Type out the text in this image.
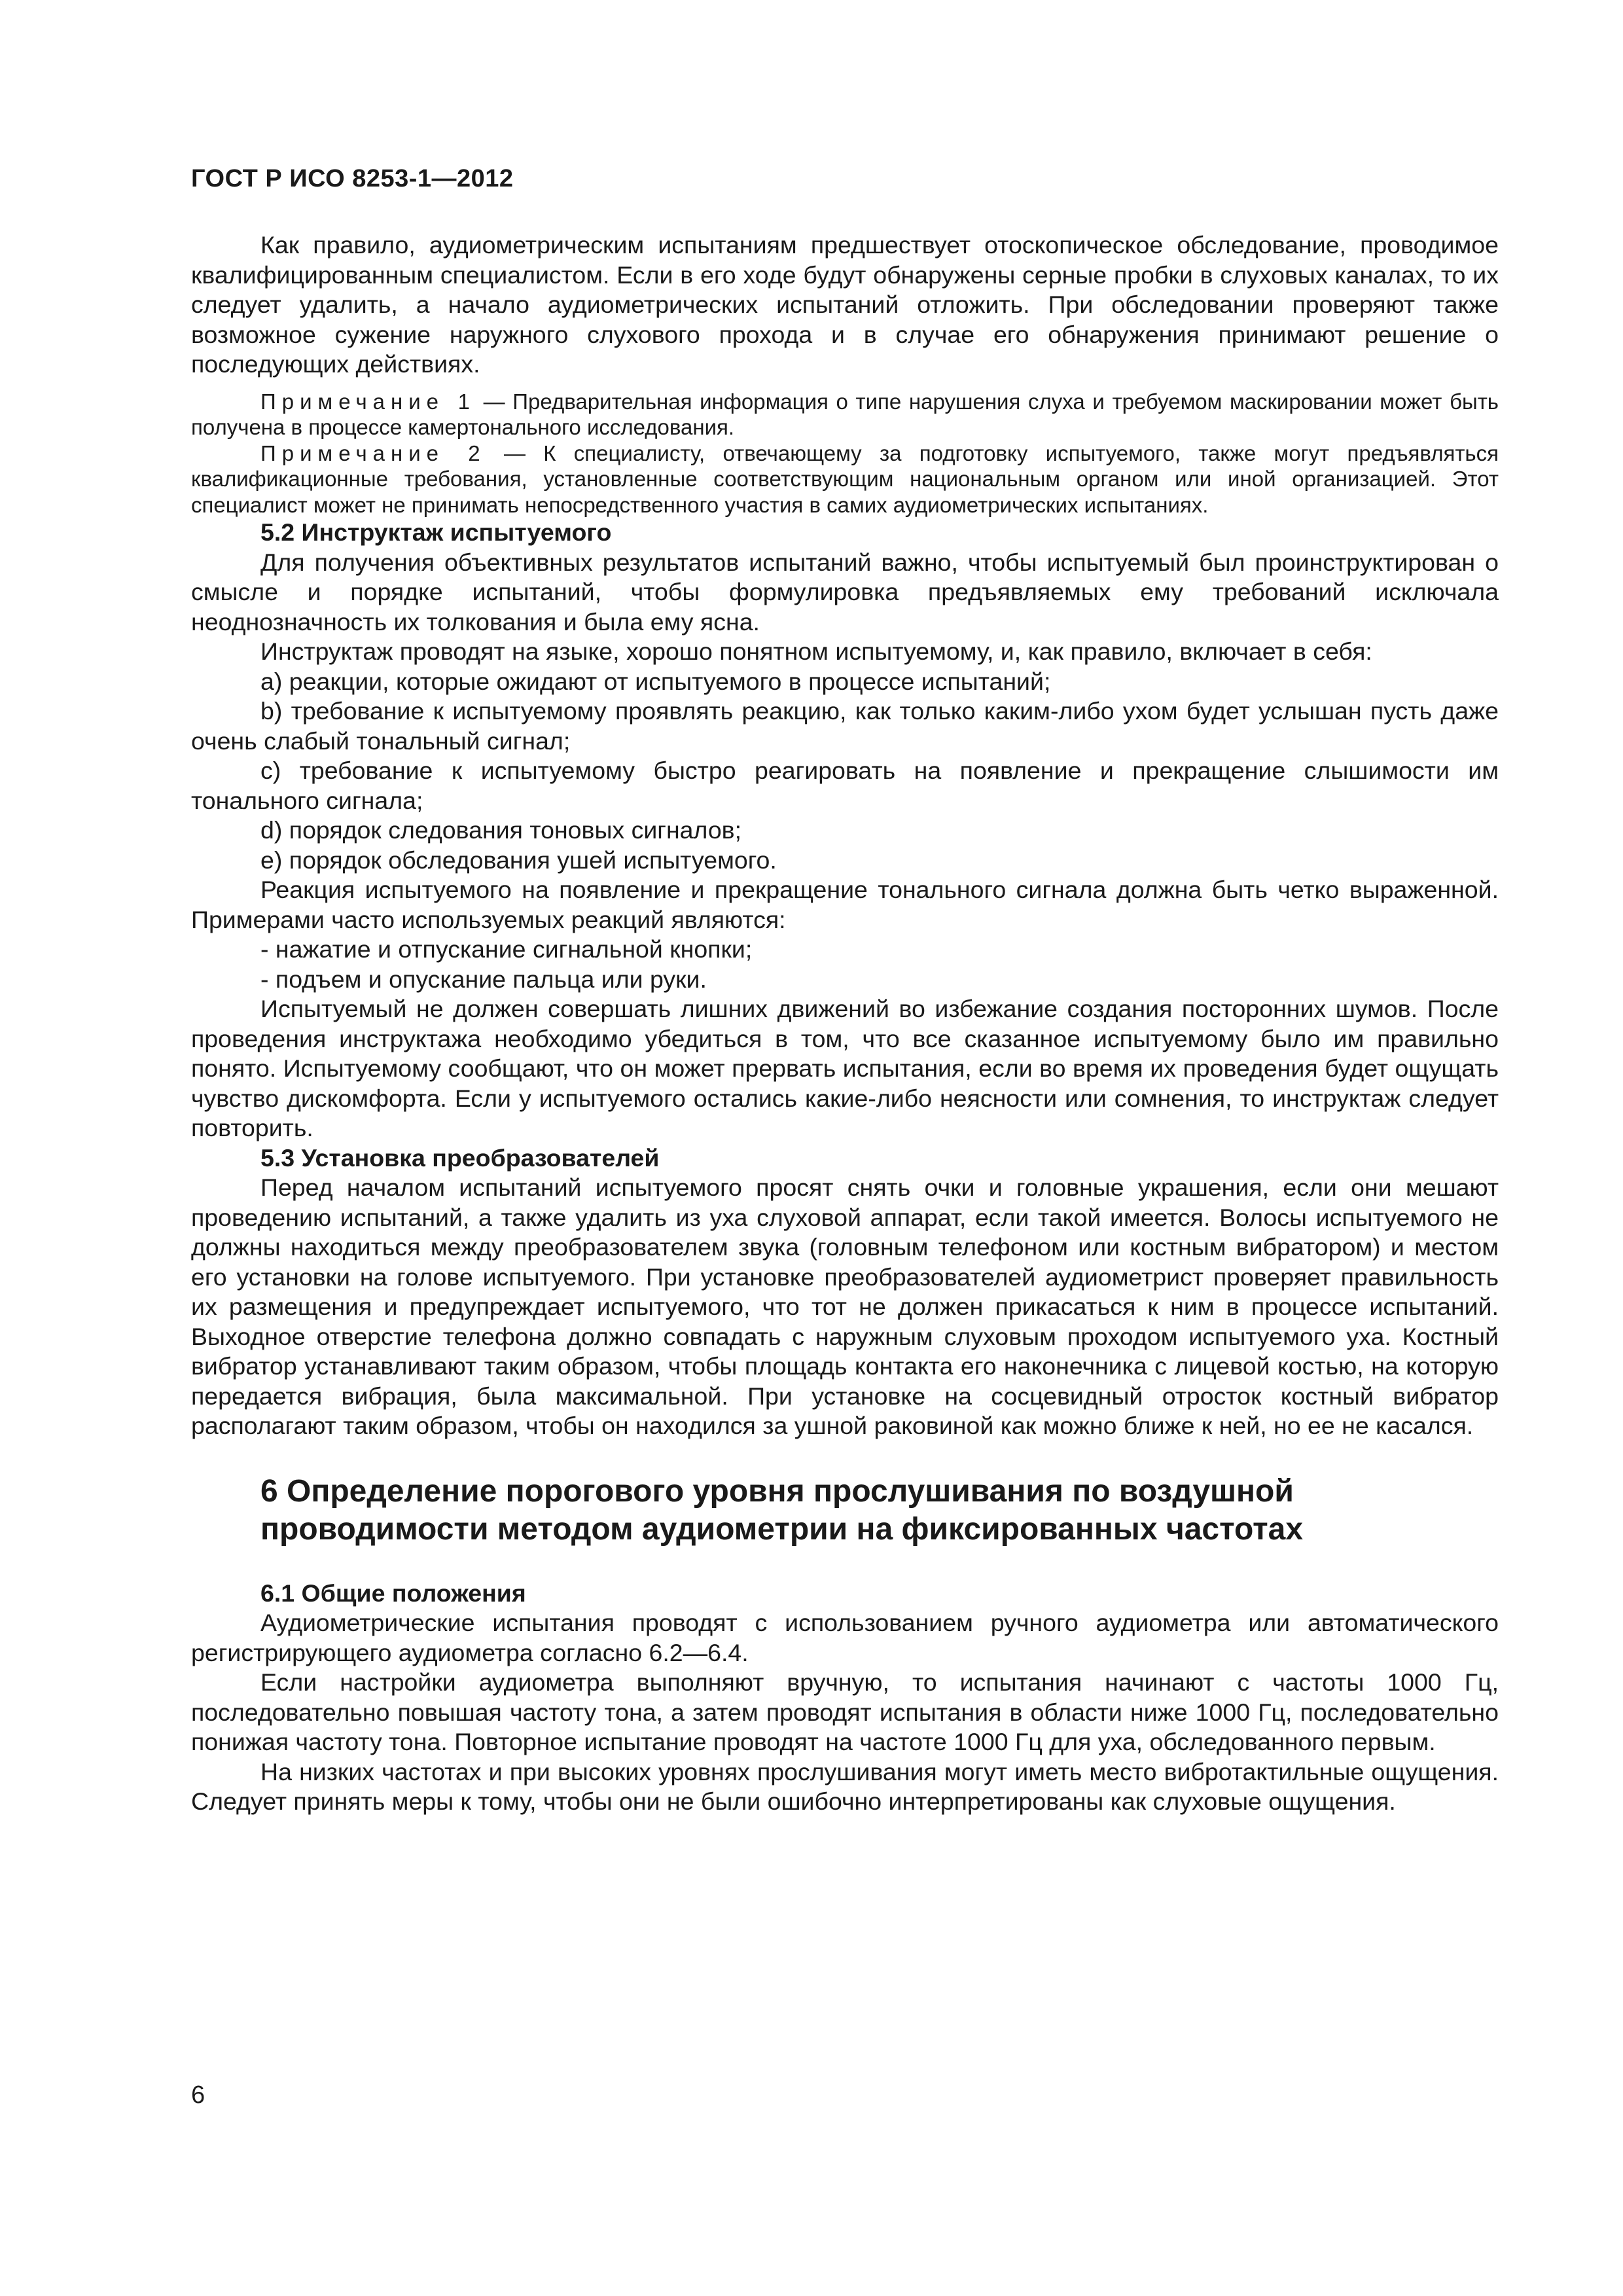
ГОСТ Р ИСО 8253-1—2012

Как правило, аудиометрическим испытаниям предшествует отоскопическое обследование, проводимое квалифицированным специалистом. Если в его ходе будут обнаружены серные пробки в слуховых каналах, то их следует удалить, а начало аудиометрических испытаний отложить. При обследовании проверяют также возможное сужение наружного слухового прохода и в случае его обнаружения принимают решение о последующих действиях.

Примечание 1 — Предварительная информация о типе нарушения слуха и требуемом маскировании может быть получена в процессе камертонального исследования.

Примечание 2 — К специалисту, отвечающему за подготовку испытуемого, также могут предъявляться квалификационные требования, установленные соответствующим национальным органом или иной организацией. Этот специалист может не принимать непосредственного участия в самих аудиометрических испытаниях.

5.2 Инструктаж испытуемого

Для получения объективных результатов испытаний важно, чтобы испытуемый был проинструктирован о смысле и порядке испытаний, чтобы формулировка предъявляемых ему требований исключала неоднозначность их толкования и была ему ясна.

Инструктаж проводят на языке, хорошо понятном испытуемому, и, как правило, включает в себя:

a) реакции, которые ожидают от испытуемого в процессе испытаний;

b) требование к испытуемому проявлять реакцию, как только каким-либо ухом будет услышан пусть даже очень слабый тональный сигнал;

c) требование к испытуемому быстро реагировать на появление и прекращение слышимости им тонального сигнала;

d) порядок следования тоновых сигналов;

e) порядок обследования ушей испытуемого.

Реакция испытуемого на появление и прекращение тонального сигнала должна быть четко выраженной. Примерами часто используемых реакций являются:

- нажатие и отпускание сигнальной кнопки;

- подъем и опускание пальца или руки.

Испытуемый не должен совершать лишних движений во избежание создания посторонних шумов. После проведения инструктажа необходимо убедиться в том, что все сказанное испытуемому было им правильно понято. Испытуемому сообщают, что он может прервать испытания, если во время их проведения будет ощущать чувство дискомфорта. Если у испытуемого остались какие-либо неясности или сомнения, то инструктаж следует повторить.

5.3 Установка преобразователей

Перед началом испытаний испытуемого просят снять очки и головные украшения, если они мешают проведению испытаний, а также удалить из уха слуховой аппарат, если такой имеется. Волосы испытуемого не должны находиться между преобразователем звука (головным телефоном или костным вибратором) и местом его установки на голове испытуемого. При установке преобразователей аудиометрист проверяет правильность их размещения и предупреждает испытуемого, что тот не должен прикасаться к ним в процессе испытаний. Выходное отверстие телефона должно совпадать с наружным слуховым проходом испытуемого уха. Костный вибратор устанавливают таким образом, чтобы площадь контакта его наконечника с лицевой костью, на которую передается вибрация, была максимальной. При установке на сосцевидный отросток костный вибратор располагают таким образом, чтобы он находился за ушной раковиной как можно ближе к ней, но ее не касался.

6 Определение порогового уровня прослушивания по воздушной проводимости методом аудиометрии на фиксированных частотах

6.1 Общие положения

Аудиометрические испытания проводят с использованием ручного аудиометра или автоматического регистрирующего аудиометра согласно 6.2—6.4.

Если настройки аудиометра выполняют вручную, то испытания начинают с частоты 1000 Гц, последовательно повышая частоту тона, а затем проводят испытания в области ниже 1000 Гц, последовательно понижая частоту тона. Повторное испытание проводят на частоте 1000 Гц для уха, обследованного первым.

На низких частотах и при высоких уровнях прослушивания могут иметь место вибротактильные ощущения. Следует принять меры к тому, чтобы они не были ошибочно интерпретированы как слуховые ощущения.

6
